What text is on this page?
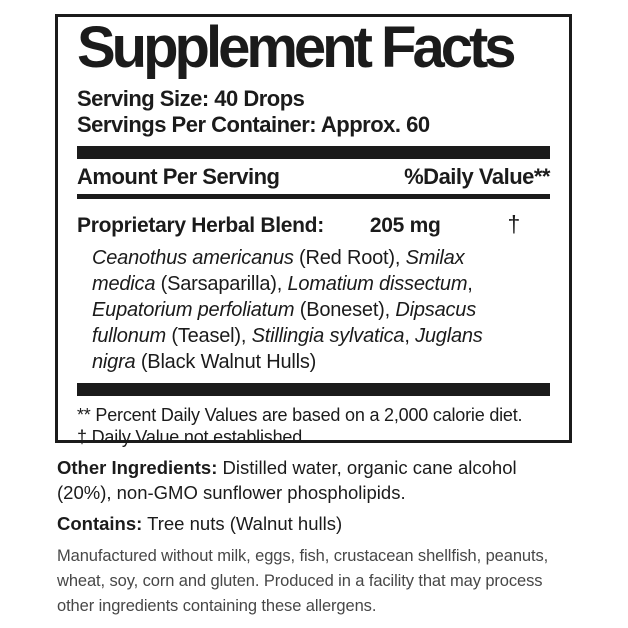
Supplement Facts
Serving Size: 40 Drops
Servings Per Container: Approx. 60
Amount Per Serving	%Daily Value**
Proprietary Herbal Blend: 205 mg	†
Ceanothus americanus (Red Root), Smilax
medica (Sarsaparilla), Lomatium dissectum,
Eupatorium perfoliatum (Boneset), Dipsacus
fullonum (Teasel), Stillingia sylvatica, Juglans
nigra (Black Walnut Hulls)
** Percent Daily Values are based on a 2,000 calorie diet.
† Daily Value not established.
Other Ingredients: Distilled water, organic cane alcohol
(20%), non-GMO sunflower phospholipids.
Contains: Tree nuts (Walnut hulls)
Manufactured without milk, eggs, fish, crustacean shellfish, peanuts,
wheat, soy, corn and gluten. Produced in a facility that may process
other ingredients containing these allergens.
